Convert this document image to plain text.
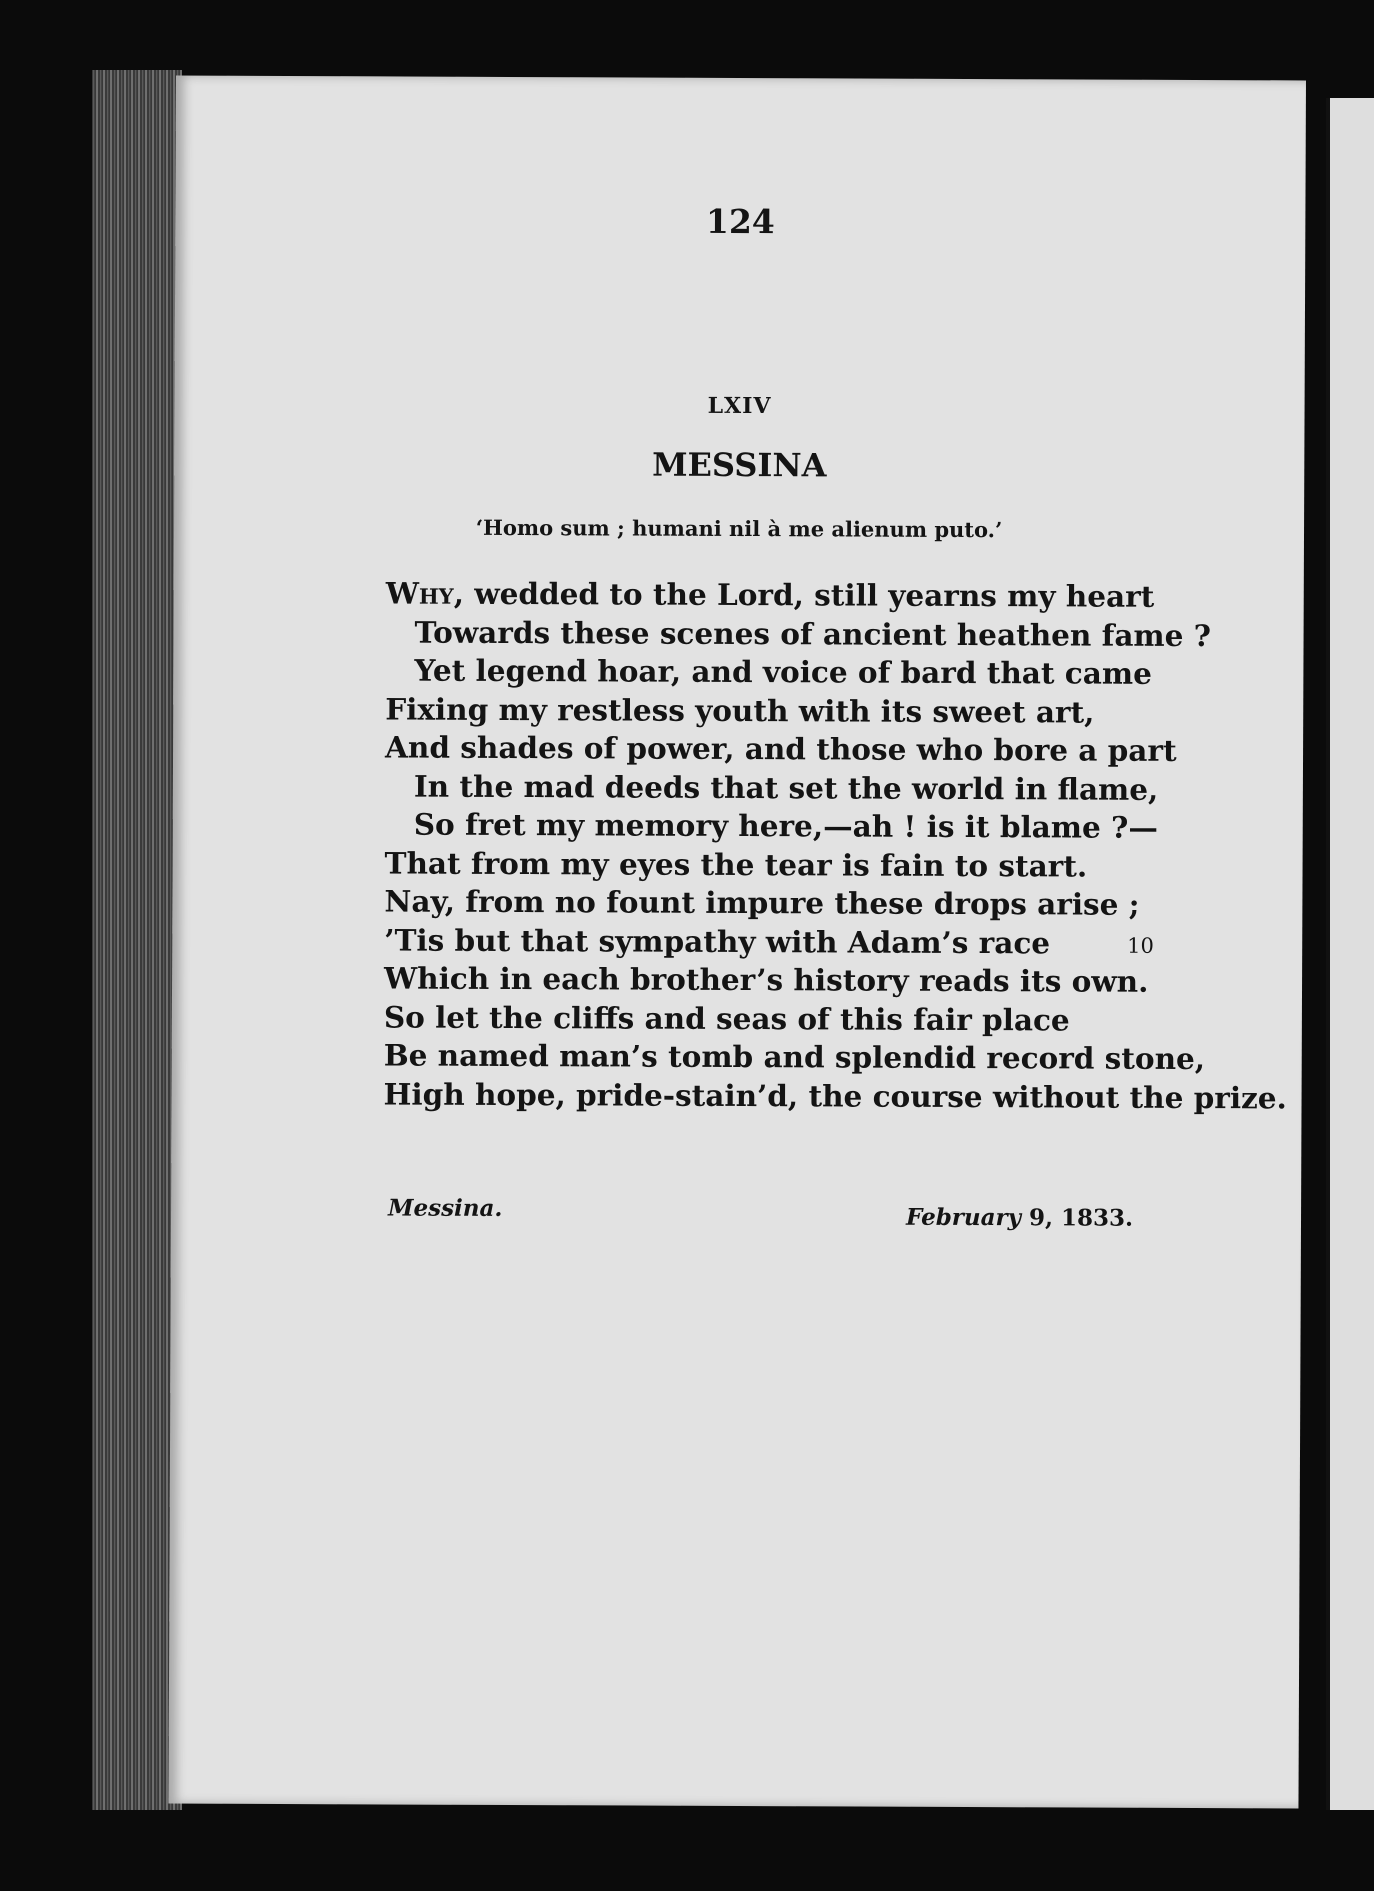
124
LXIV
MESSINA
‘Homo sum ; humani nil à me alienum puto.’
Why, wedded to the Lord, still yearns my heart
Towards these scenes of ancient heathen fame ?
Yet legend hoar, and voice of bard that came
Fixing my restless youth with its sweet art,
And shades of power, and those who bore a part
In the mad deeds that set the world in flame,
So fret my memory here,—ah ! is it blame ?—
That from my eyes the tear is fain to start.
Nay, from no fount impure these drops arise ;
’Tis but that sympathy with Adam’s race	10
Which in each brother’s history reads its own.
So let the cliffs and seas of this fair place
Be named man’s tomb and splendid record stone,
High hope, pride-stain’d, the course without the prize.
Messina.	February 9, 1833.
